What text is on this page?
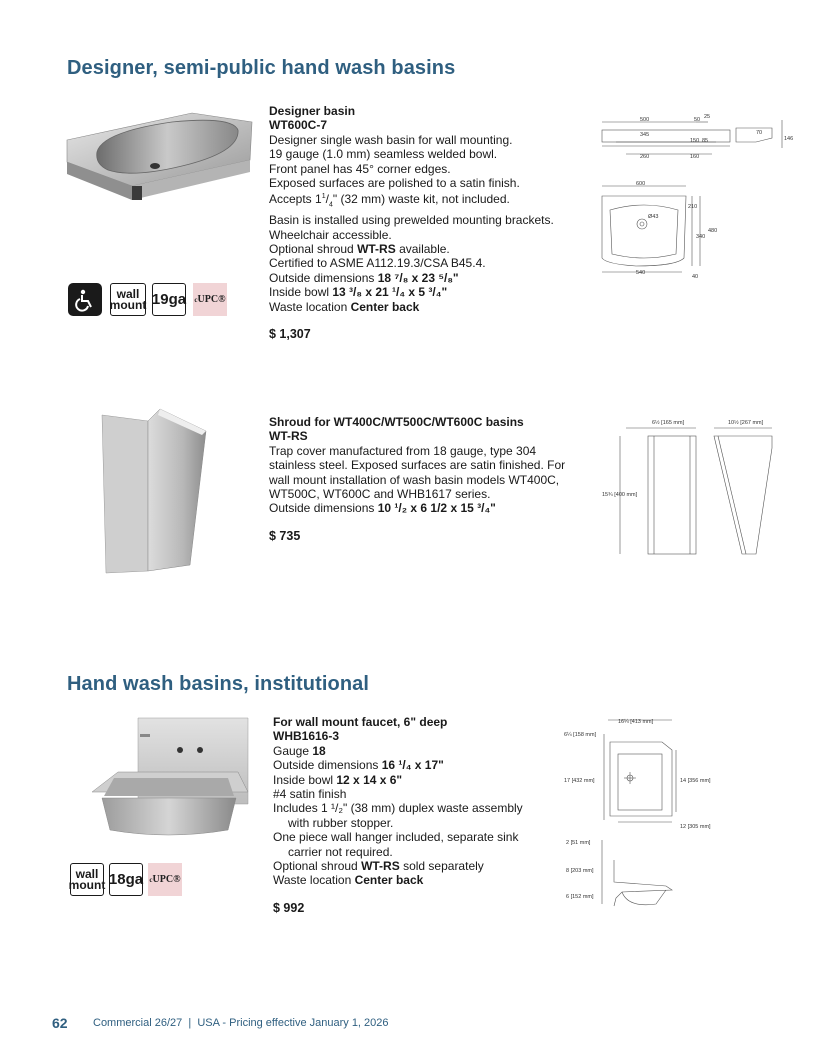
Designer, semi-public hand wash basins
wall
mount 19ga c UPC®
Designer basin
WT600C-7
Designer single wash basin for wall mounting.
19 gauge (1.0 mm) seamless welded bowl.
Front panel has 45° corner edges.
Exposed surfaces are polished to a satin finish.
Accepts $1^1/_4$" (32 mm) waste kit, not included.
Basin is installed using prewelded mounting brackets.
Wheelchair accessible.
Optional shroud WT-RS available.
Certified to ASME A112.19.3/CSA B45.4.
Outside dimensions 18 ⁷/₈ x 23 ⁵/₈"
Inside bowl 13 ³/₈ x 21 ¹/₄ x 5 ³/₄"
Waste location Center back
$ 1,307
500	50 25
345
150 85
70
146
260	160
600
Ø43
210
480
340
540
40
Shroud for WT400C/WT500C/WT600C basins
WT-RS
Trap cover manufactured from 18 gauge, type 304
stainless steel. Exposed surfaces are satin finished. For
wall mount installation of wash basin models WT400C,
WT500C, WT600C and WHB1617 series.
Outside dimensions 10 ¹/₂ x 6 1/2 x 15 ³/₄"
$ 735
6½ [165 mm]	10½ [267 mm]
15¾ [400 mm]
Hand wash basins, institutional
wall
mount 18ga c UPC®
For wall mount faucet, 6" deep
WHB1616-3
Gauge 18
Outside dimensions 16 ¹/₄ x 17"
Inside bowl 12 x 14 x 6"
#4 satin finish
Includes 1 ¹/₂" (38 mm) duplex waste assembly
with rubber stopper.
One piece wall hanger included, separate sink
carrier not required.
Optional shroud WT-RS sold separately
Waste location Center back
$ 992
16¼ [413 mm]
6¼ [158 mm]
17 [432 mm]	14 [356 mm]
12 [305 mm]
2 [51 mm]
8 [203 mm]
6 [152 mm]
62 Commercial 26/27  |  USA - Pricing effective January 1, 2026
